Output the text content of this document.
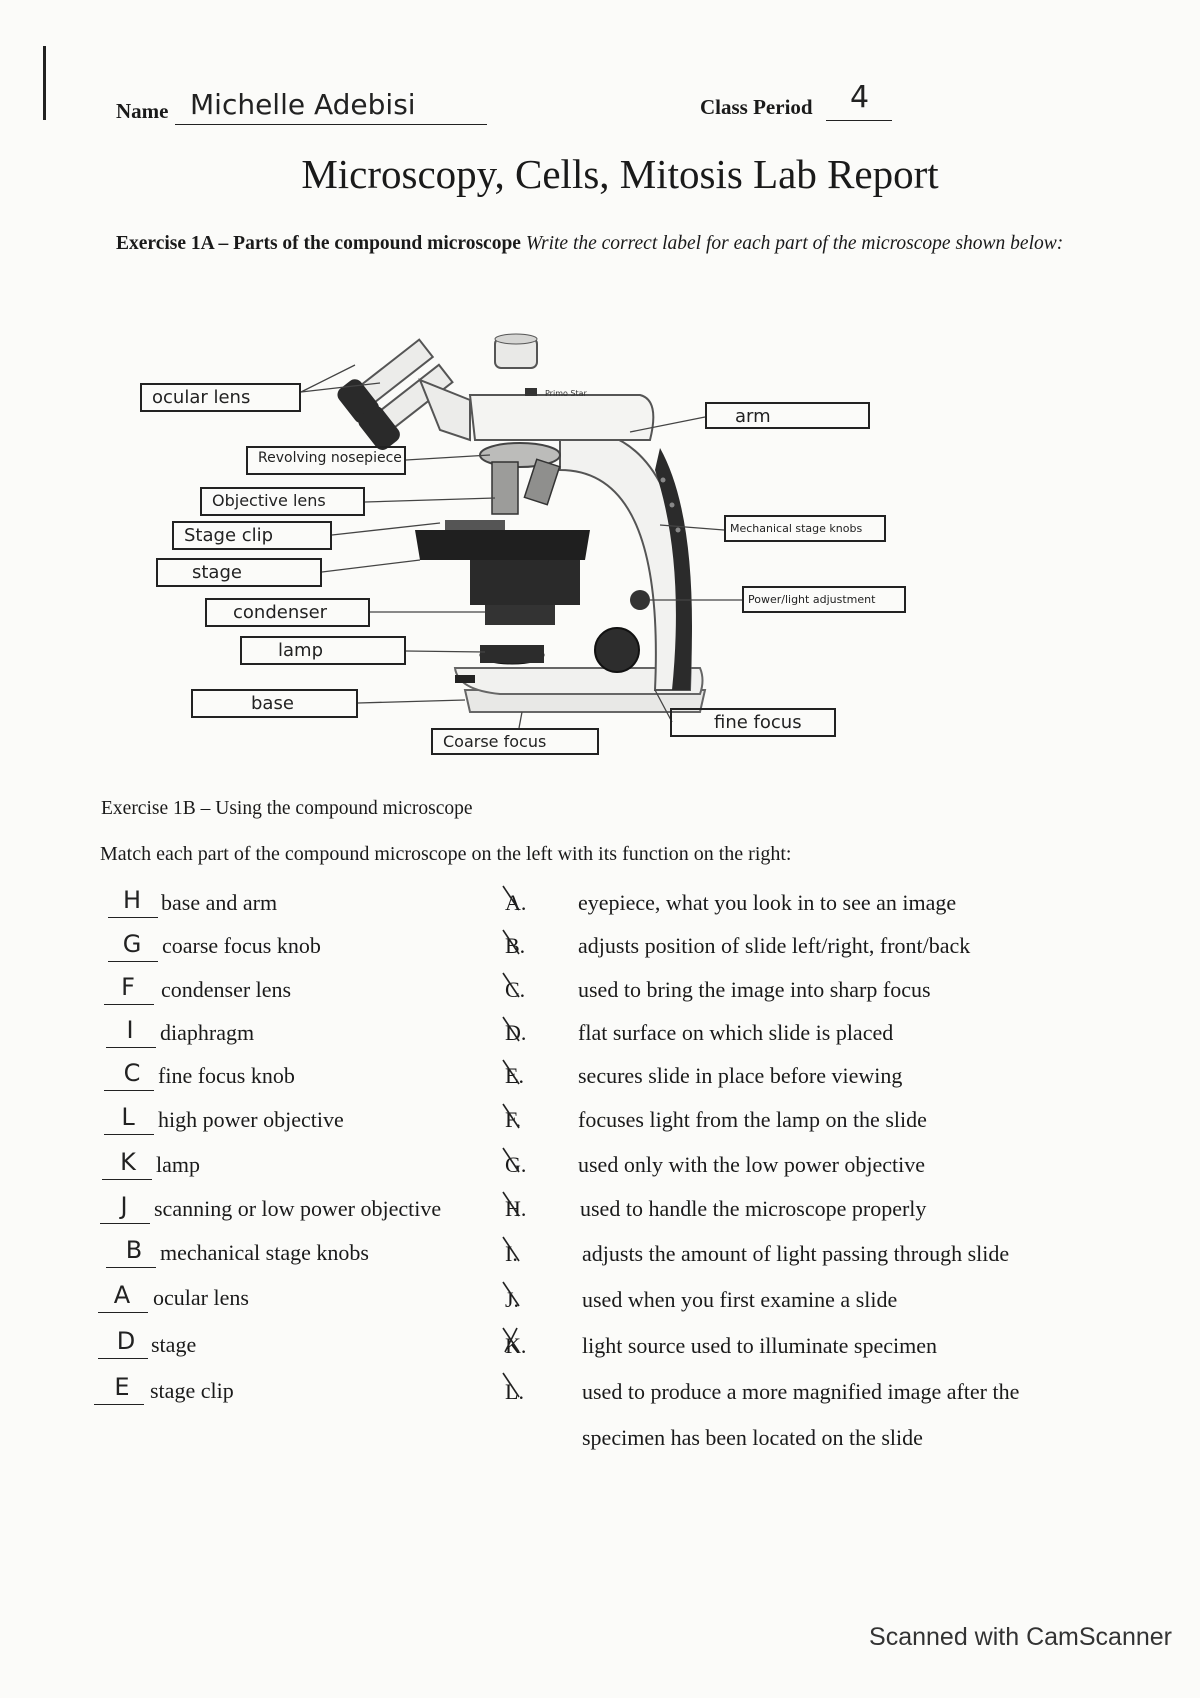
Name Michelle Adebisi	Class Period 4
Microscopy, Cells, Mitosis Lab Report
Exercise 1A – Parts of the compound microscope Write the correct label for each part of the microscope shown below:
Primo Star
ocular lens
Revolving nosepiece
Objective lens
Stage clip
stage
condenser
lamp
base
Coarse focus
arm
Mechanical stage knobs
Power/light adjustment
fine focus
Exercise 1B – Using the compound microscope
Match each part of the compound microscope on the left with its function on the right:
H base and arm
G coarse focus knob
F	condenser lens
I	diaphragm
C fine focus knob
L	high power objective
K lamp
J	scanning or low power objective
B mechanical stage knobs
A	ocular lens
D stage
E stage clip
A. eyepiece, what you look in to see an image
B. adjusts position of slide left/right, front/back
C. used to bring the image into sharp focus
D. flat surface on which slide is placed
E. secures slide in place before viewing
F.	focuses light from the lamp on the slide
G. used only with the low power objective
H. used to handle the microscope properly
I.	adjusts the amount of light passing through slide
J.	used when you first examine a slide
K.	light source used to illuminate specimen
L.	used to produce a more magnified image after the
specimen has been located on the slide
Scanned with CamScanner
